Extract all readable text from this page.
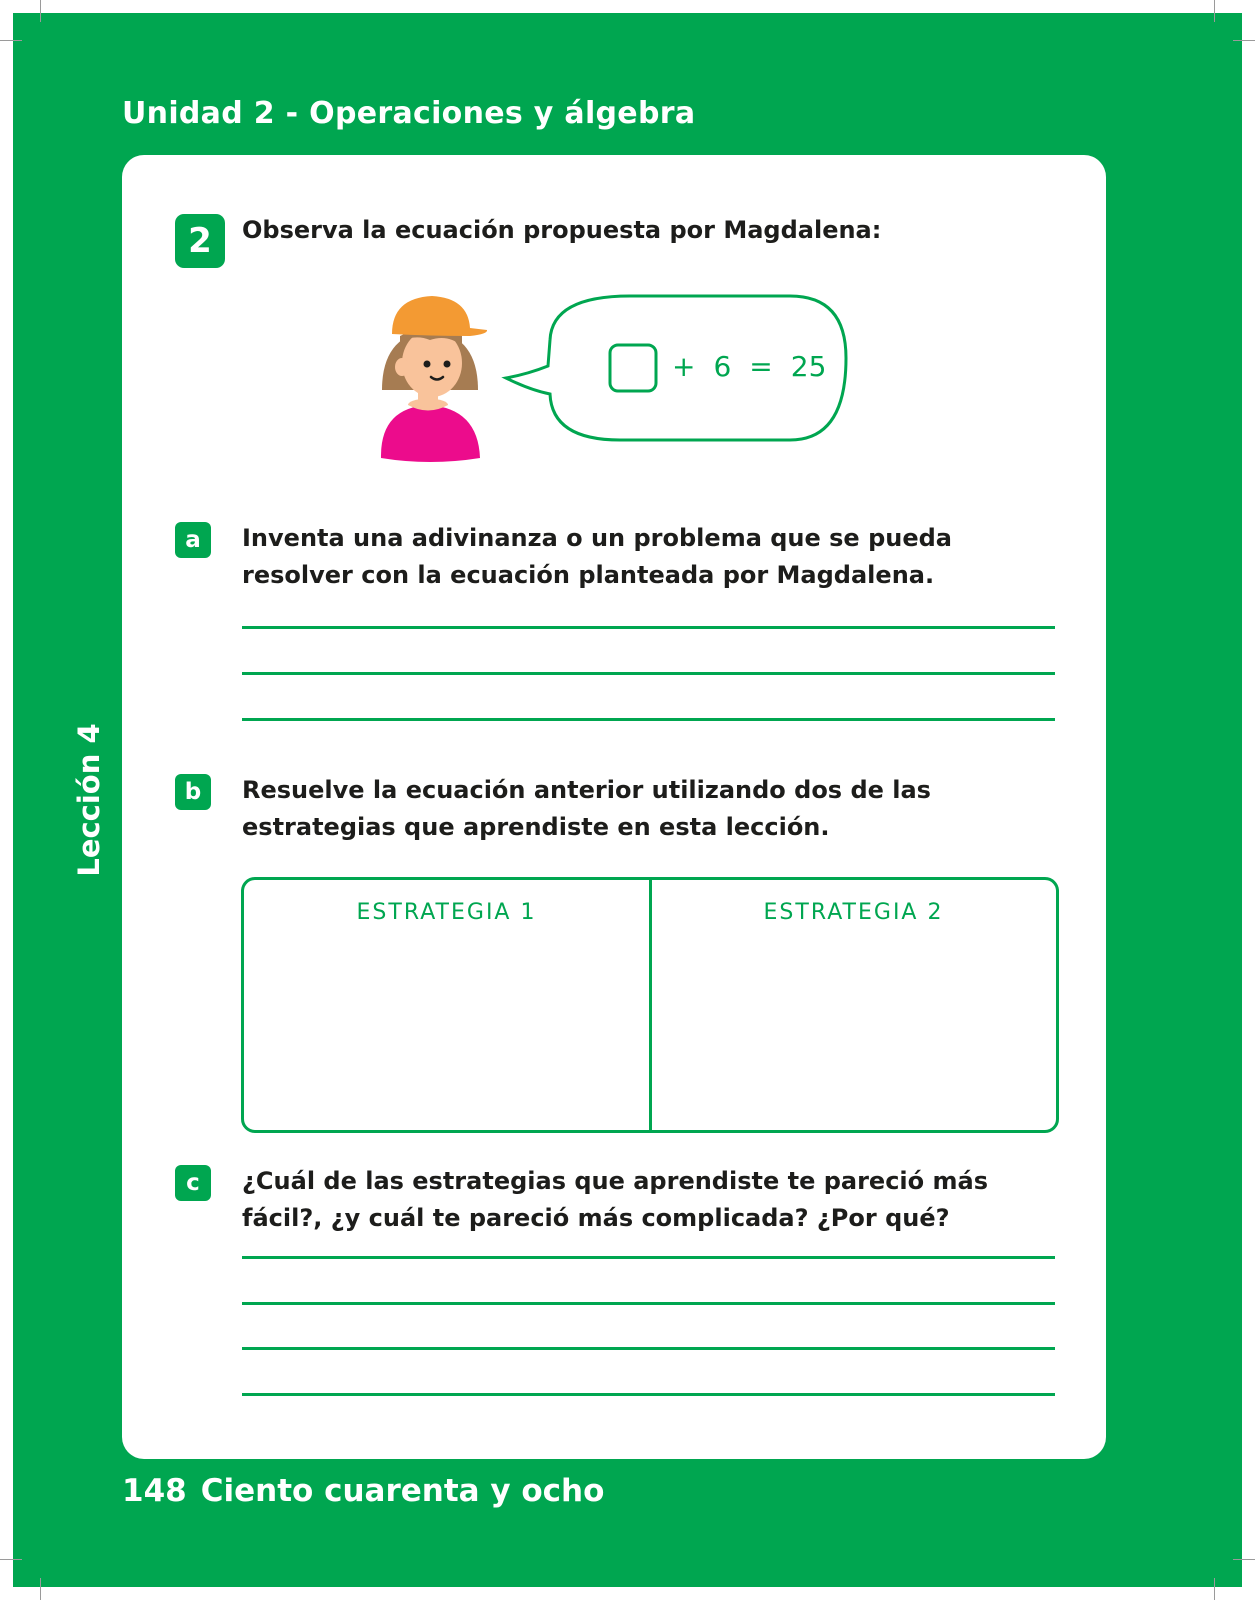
Unidad 2 - Operaciones y álgebra
Lección 4
2	Observa la ecuación propuesta por Magdalena:
+ 6 = 25
a	Inventa una adivinanza o un problema que se pueda
resolver con la ecuación planteada por Magdalena.
b	Resuelve la ecuación anterior utilizando dos de las
estrategias que aprendiste en esta lección.
ESTRATEGIA 1	ESTRATEGIA 2
c	¿Cuál de las estrategias que aprendiste te pareció más
fácil?, ¿y cuál te pareció más complicada? ¿Por qué?
148 Ciento cuarenta y ocho
